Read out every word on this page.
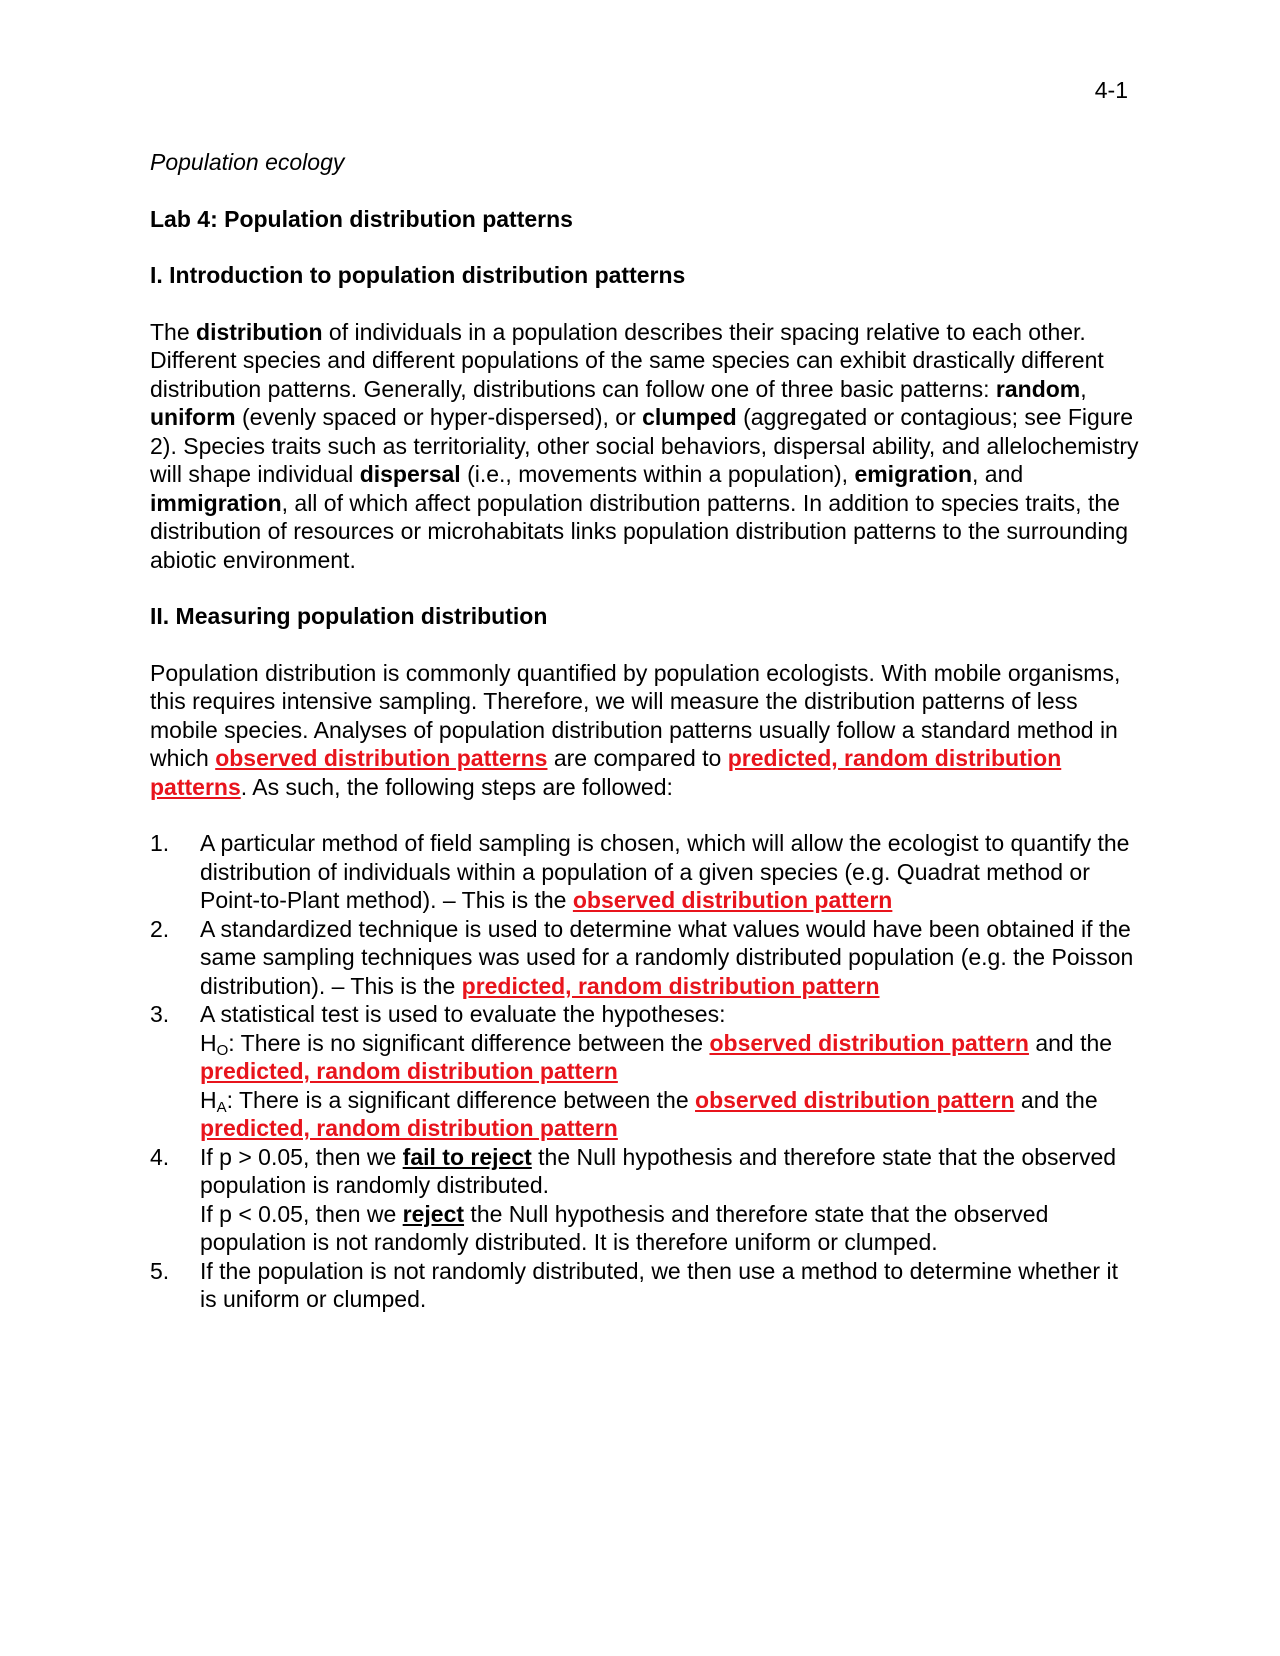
4-1
Population ecology
Lab 4: Population distribution patterns
I. Introduction to population distribution patterns

The distribution of individuals in a population describes their spacing relative to each other. Different species and different populations of the same species can exhibit drastically different distribution patterns. Generally, distributions can follow one of three basic patterns: random, uniform (evenly spaced or hyper-dispersed), or clumped (aggregated or contagious; see Figure 2). Species traits such as territoriality, other social behaviors, dispersal ability, and allelochemistry will shape individual dispersal (i.e., movements within a population), emigration, and immigration, all of which affect population distribution patterns. In addition to species traits, the distribution of resources or microhabitats links population distribution patterns to the surrounding abiotic environment.

II. Measuring population distribution

Population distribution is commonly quantified by population ecologists. With mobile organisms, this requires intensive sampling. Therefore, we will measure the distribution patterns of less mobile species. Analyses of population distribution patterns usually follow a standard method in which observed distribution patterns are compared to predicted, random distribution patterns. As such, the following steps are followed:

1. A particular method of field sampling is chosen, which will allow the ecologist to quantify the distribution of individuals within a population of a given species (e.g. Quadrat method or Point-to-Plant method). – This is the observed distribution pattern
2. A standardized technique is used to determine what values would have been obtained if the same sampling techniques was used for a randomly distributed population (e.g. the Poisson distribution). – This is the predicted, random distribution pattern
3. A statistical test is used to evaluate the hypotheses:
$H_O$: There is no significant difference between the observed distribution pattern and the predicted, random distribution pattern
$H_A$: There is a significant difference between the observed distribution pattern and the predicted, random distribution pattern
4. If p > 0.05, then we fail to reject the Null hypothesis and therefore state that the observed population is randomly distributed.
If p < 0.05, then we reject the Null hypothesis and therefore state that the observed population is not randomly distributed. It is therefore uniform or clumped.
5. If the population is not randomly distributed, we then use a method to determine whether it is uniform or clumped.
